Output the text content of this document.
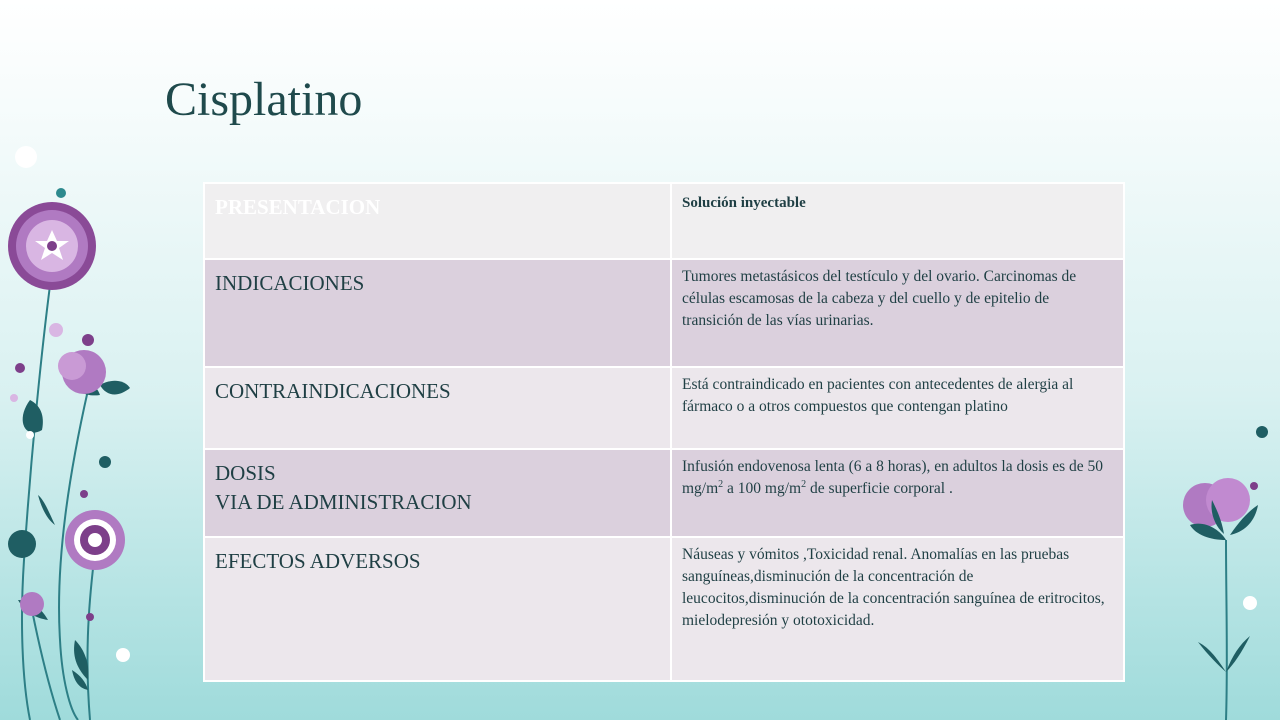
Cisplatino
PRESENTACION	Solución inyectable

INDICACIONES	Tumores metastásicos del testículo y del ovario. Carcinomas de células escamosas de la cabeza y del cuello y de epitelio de transición de las vías urinarias.

CONTRAINDICACIONES	Está contraindicado en pacientes con antecedentes de alergia al fármaco o a otros compuestos que contengan platino

DOSIS
VIA DE ADMINISTRACION	Infusión endovenosa lenta (6 a 8 horas), en adultos la dosis es de 50 $mg/m^2$ a 100 $mg/m^2$ de superficie corporal .

EFECTOS ADVERSOS	Náuseas y vómitos ,Toxicidad renal. Anomalías en las pruebas sanguíneas,disminución de la concentración de leucocitos,disminución de la concentración sanguínea de eritrocitos, mielodepresión y ototoxicidad.
